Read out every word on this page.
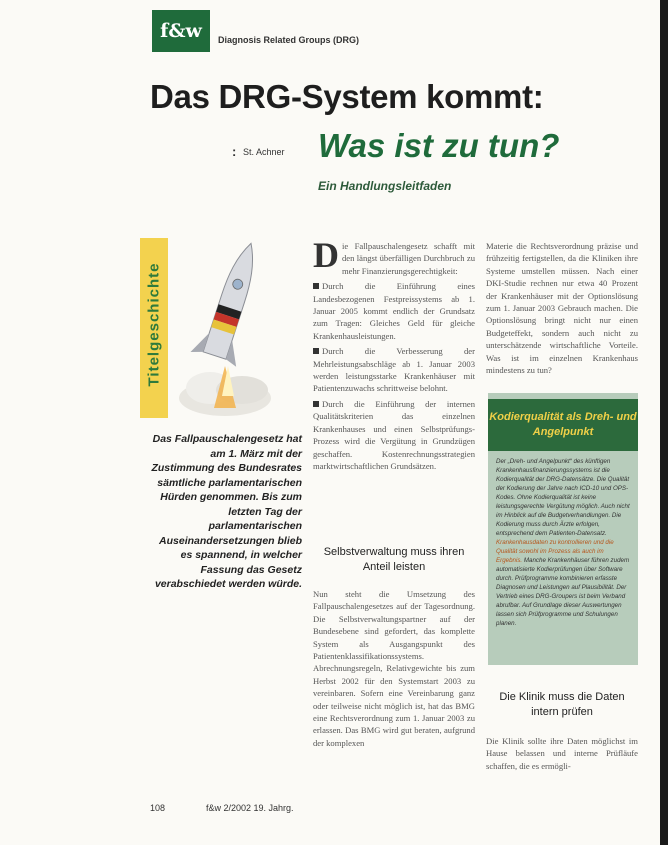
f&w	Diagnosis Related Groups (DRG)
Das DRG-System kommt:
: St. Achner Was ist zu tun?
Ein Handlungsleitfaden
Titelgeschichte
Das Fallpauschalengesetz hat am 1. März mit der Zustimmung des Bundesrates sämtliche parlamentarischen Hürden genommen. Bis zum letzten Tag der parlamentarischen Auseinandersetzungen blieb es spannend, in welcher Fassung das Gesetz verabschiedet werden würde.

Die Fallpauschalengesetz schafft mit den längst überfälligen Durchbruch zu mehr Finanzierungsgerechtigkeit:

Durch die Einführung eines Landesbezogenen Festpreissystems ab 1. Januar 2005 kommt endlich der Grundsatz zum Tragen: Gleiches Geld für gleiche Krankenhausleistungen.

Durch die Verbesserung der Mehrleistungsabschläge ab 1. Januar 2003 werden leistungsstarke Krankenhäuser mit Patientenzuwachs schrittweise belohnt.

Durch die Einführung der internen Qualitätskriterien das einzelnen Krankenhauses und einen Selbstprüfungs-Prozess wird die Vergütung in Grundzügen geschaffen. Kostenrechnungsstrategien marktwirtschaftlichen Grundsätzen.

Selbstverwaltung muss ihren Anteil leisten

Nun steht die Umsetzung des Fallpauschalengesetzes auf der Tagesordnung. Die Selbstverwaltungspartner auf der Bundesebene sind gefordert, das komplette System als Ausgangspunkt des Patientenklassifikationssystems. Abrechnungsregeln, Relativgewichte bis zum Herbst 2002 für den Systemstart 2003 zu vereinbaren. Sofern eine Vereinbarung ganz oder teilweise nicht möglich ist, hat das BMG eine Rechtsverordnung zum 1. Januar 2003 zu erlassen. Das BMG wird gut beraten, aufgrund der komplexen

Materie die Rechtsverordnung präzise und frühzeitig fertigstellen, da die Kliniken ihre Systeme umstellen müssen. Nach einer DKI-Studie rechnen nur etwa 40 Prozent der Krankenhäuser mit der Optionslösung zum 1. Januar 2003 Gebrauch machen. Die Optionslösung bringt nicht nur einen Budgeteffekt, sondern auch nicht zu unterschätzende wirtschaftliche Vorteile. Was ist im einzelnen Krankenhaus mindestens zu tun?

Kodierqualität als Dreh- und Angelpunkt
Der „Dreh- und Angelpunkt“ des künftigen Krankenhausfinanzierungssystems ist die Kodierqualität der DRG-Datensätze. Die Qualität der Kodierung der Jahre nach ICD-10 und OPS-Kodes. Ohne Kodierqualität ist keine leistungsgerechte Vergütung möglich. Auch nicht im Hinblick auf die Budgetverhandlungen. Die Kodierung muss durch Ärzte erfolgen, entsprechend dem Patienten-Datensatz. Krankenhausdaten zu kontrollieren und die Qualität sowohl im Prozess als auch im Ergebnis. Manche Krankenhäuser führen zudem automatisierte Kodierprüfungen über Software durch. Prüfprogramme kombinieren erfasste Diagnosen und Leistungen auf Plausibilität. Der Vertrieb eines DRG-Groupers ist beim Verband abrufbar. Auf Grundlage dieser Auswertungen lassen sich Prüfprogramme und Schulungen planen.
Die Klinik muss die Daten intern prüfen

Die Klinik sollte ihre Daten möglichst im Hause belassen und interne Prüfläufe schaffen, die es ermögli-

108	f&w 2/2002 19. Jahrg.
